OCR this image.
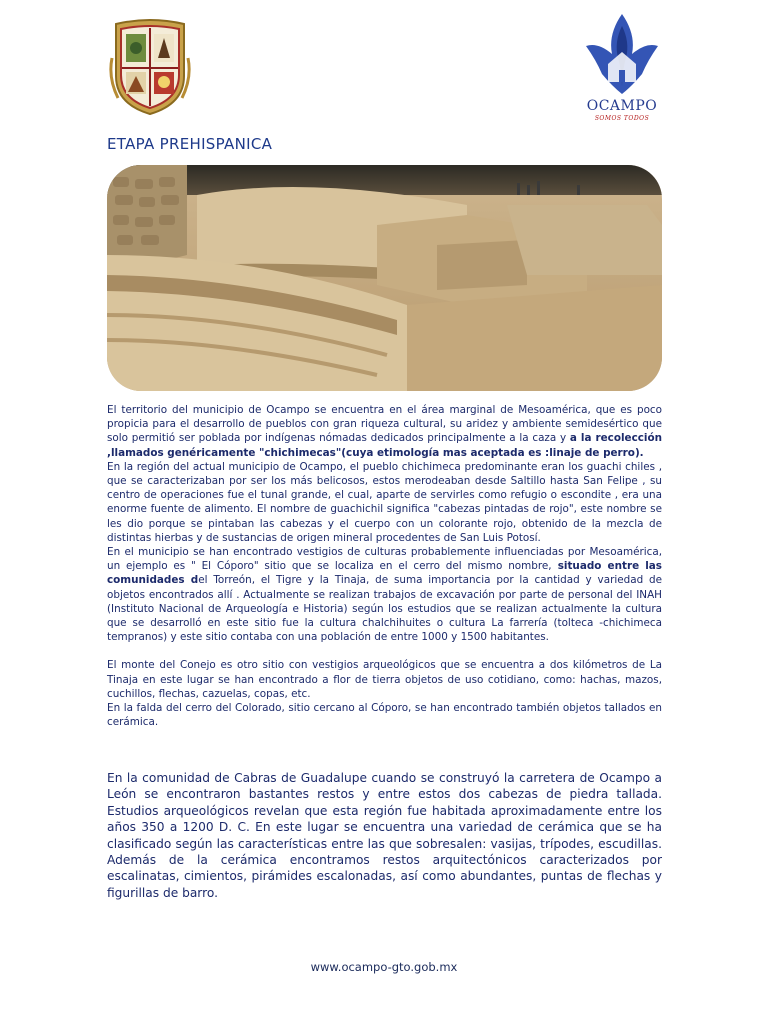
OCAMPO
SOMOS TODOS
ETAPA PREHISPANICA

El territorio del municipio de Ocampo se encuentra en el área marginal de Mesoamérica, que es poco propicia para el desarrollo de pueblos con gran riqueza cultural, su aridez y ambiente semidesértico que solo permitió ser poblada por indígenas nómadas dedicados principalmente a la caza y a la recolección ,llamados genéricamente "chichimecas"(cuya etimología mas aceptada es :linaje de perro).

En la región del actual municipio de Ocampo, el pueblo chichimeca predominante eran los guachi chiles , que se caracterizaban por ser los más belicosos, estos merodeaban desde Saltillo hasta San Felipe , su centro de operaciones fue el tunal grande, el cual, aparte de servirles como refugio o escondite , era una enorme fuente de alimento. El nombre de guachichil significa "cabezas pintadas de rojo", este nombre se les dio porque se pintaban las cabezas y el cuerpo con un colorante rojo, obtenido de la mezcla de distintas hierbas y de sustancias de origen mineral procedentes de San Luis Potosí.

En el municipio se han encontrado vestigios de culturas probablemente influenciadas por Mesoamérica, un ejemplo es " El Cóporo" sitio que se localiza en el cerro del mismo nombre, situado entre las comunidades del Torreón, el Tigre y la Tinaja, de suma importancia por la cantidad y variedad de objetos encontrados allí . Actualmente se realizan trabajos de excavación por parte de personal del INAH (Instituto Nacional de Arqueología e Historia) según los estudios que se realizan actualmente la cultura que se desarrolló en este sitio fue la cultura chalchihuites o cultura La farrería (tolteca -chichimeca tempranos) y este sitio contaba con una población de entre 1000 y 1500 habitantes.

El monte del Conejo es otro sitio con vestigios arqueológicos que se encuentra a dos kilómetros de La Tinaja en este lugar se han encontrado a flor de tierra objetos de uso cotidiano, como: hachas, mazos, cuchillos, flechas, cazuelas, copas, etc.

En la falda del cerro del Colorado, sitio cercano al Cóporo, se han encontrado también objetos tallados en cerámica.

En la comunidad de Cabras de Guadalupe cuando se construyó la carretera de Ocampo a León se encontraron bastantes restos y entre estos dos cabezas de piedra tallada. Estudios arqueológicos revelan que esta región fue habitada aproximadamente entre los años 350 a 1200 D. C. En este lugar se encuentra una variedad de cerámica que se ha clasificado según las características entre las que sobresalen: vasijas, trípodes, escudillas. Además de la cerámica encontramos restos arquitectónicos caracterizados por escalinatas, cimientos, pirámides escalonadas, así como abundantes, puntas de flechas y figurillas de barro.

www.ocampo-gto.gob.mx
